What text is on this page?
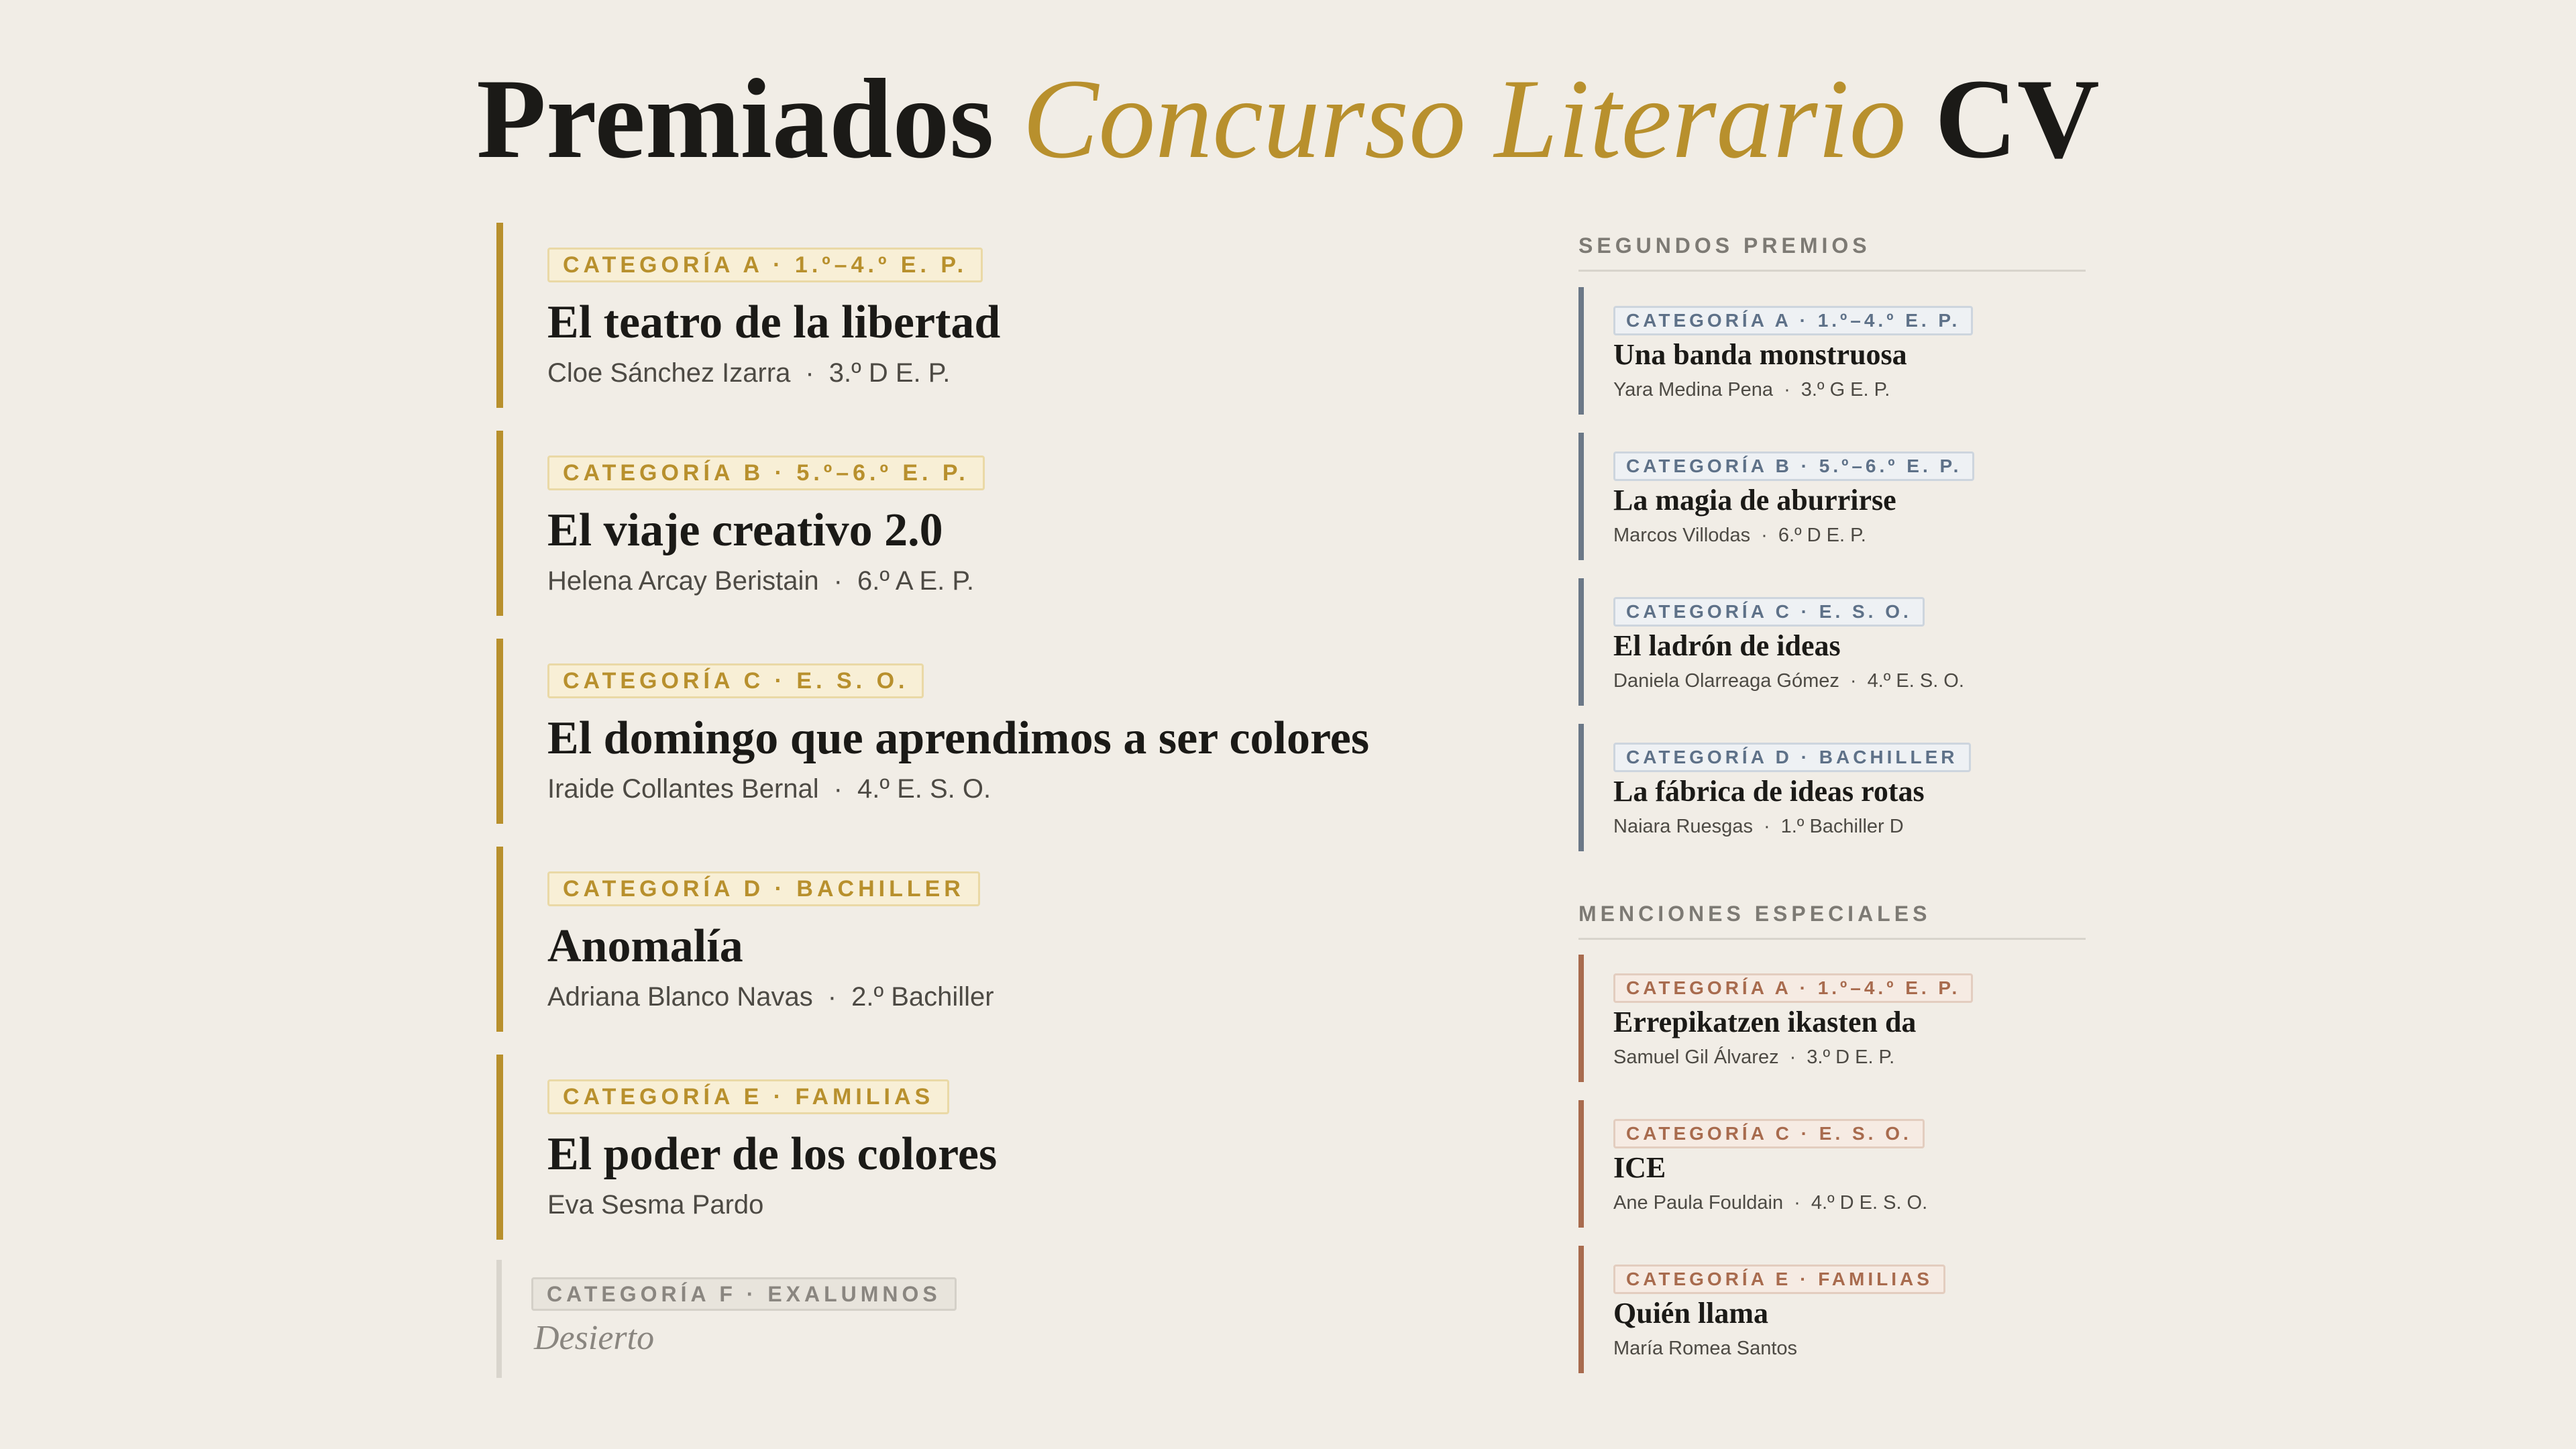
Premiados Concurso Literario CV
CATEGORÍA A · 1.º–4.º E. P.
El teatro de la libertad
Cloe Sánchez Izarra · 3.º D E. P.
CATEGORÍA B · 5.º–6.º E. P.
El viaje creativo 2.0
Helena Arcay Beristain · 6.º A E. P.
CATEGORÍA C · E. S. O.
El domingo que aprendimos a ser colores
Iraide Collantes Bernal · 4.º E. S. O.
CATEGORÍA D · BACHILLER
Anomalía
Adriana Blanco Navas · 2.º Bachiller
CATEGORÍA E · FAMILIAS
El poder de los colores
Eva Sesma Pardo
CATEGORÍA F · EXALUMNOS
Desierto
SEGUNDOS PREMIOS
CATEGORÍA A · 1.º–4.º E. P.
Una banda monstruosa
Yara Medina Pena · 3.º G E. P.
CATEGORÍA B · 5.º–6.º E. P.
La magia de aburrirse
Marcos Villodas · 6.º D E. P.
CATEGORÍA C · E. S. O.
El ladrón de ideas
Daniela Olarreaga Gómez · 4.º E. S. O.
CATEGORÍA D · BACHILLER
La fábrica de ideas rotas
Naiara Ruesgas · 1.º Bachiller D
MENCIONES ESPECIALES
CATEGORÍA A · 1.º–4.º E. P.
Errepikatzen ikasten da
Samuel Gil Álvarez · 3.º D E. P.
CATEGORÍA C · E. S. O.
ICE
Ane Paula Fouldain · 4.º D E. S. O.
CATEGORÍA E · FAMILIAS
Quién llama
María Romea Santos
